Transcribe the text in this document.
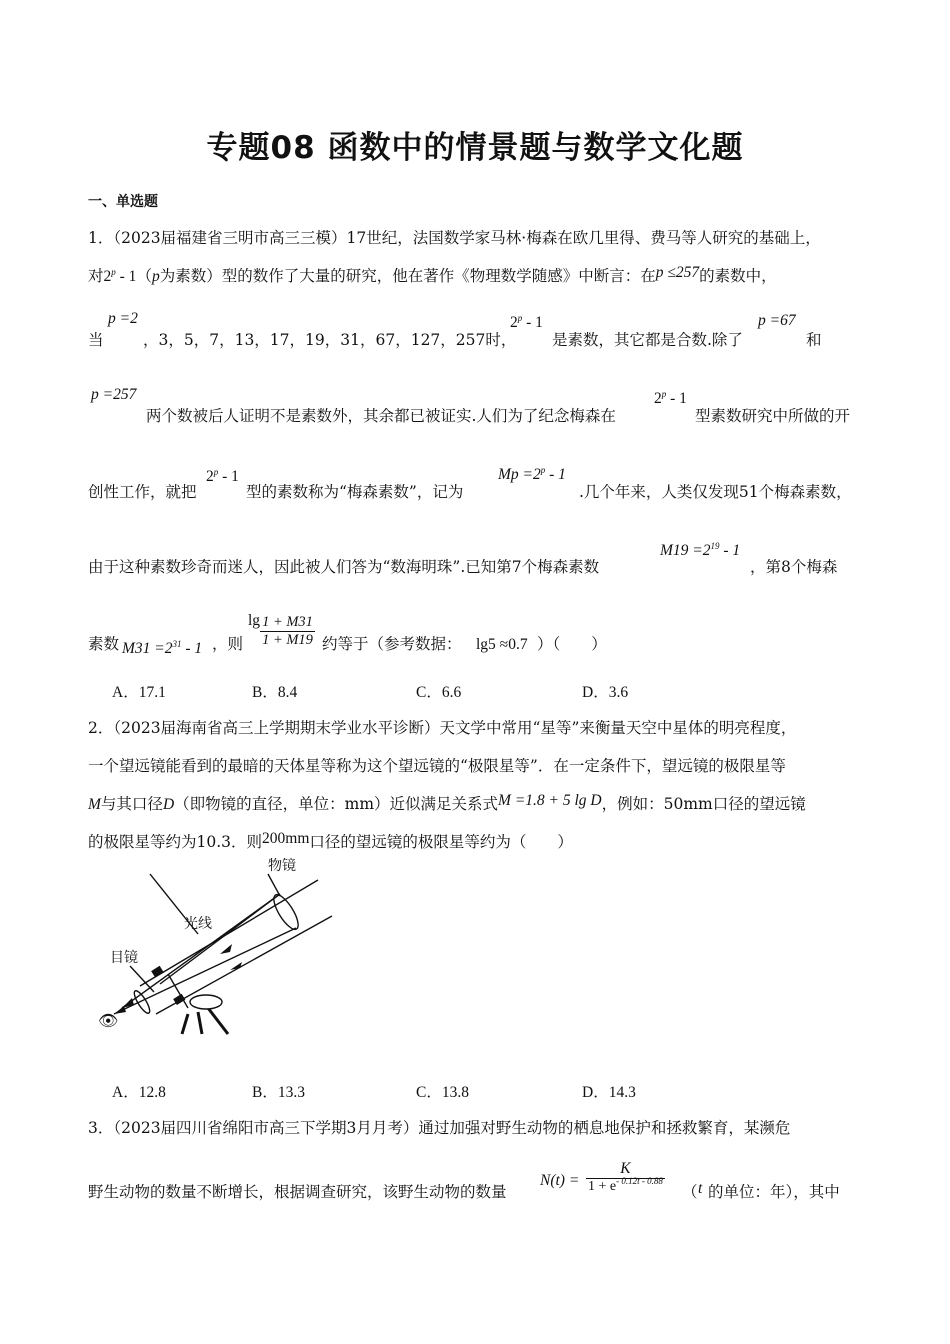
专题08 函数中的情景题与数学文化题
一、单选题
1．（2023届福建省三明市高三三模）17世纪，法国数学家马林·梅森在欧几里得、费马等人研究的基础上，
对2$^p$ - 1（p为素数）型的数作了大量的研究，他在著作《物理数学随感》中断言：在p ≤257的素数中，
当
p =2
，3，5，7，13，17，19，31，67，127，257时，
2$^p$ - 1
是素数，其它都是合数.除了
p =67
和
p =257
两个数被后人证明不是素数外，其余都已被证实.人们为了纪念梅森在
2$^p$ - 1
型素数研究中所做的开
创性工作，就把
2$^p$ - 1
型的素数称为“梅森素数”，记为
$Mp =2^p - 1$
.几个年来，人类仅发现51个梅森素数，
由于这种素数珍奇而迷人，因此被人们答为“数海明珠”.已知第7个梅森素数
$M19 =2^{19} - 1$
，第8个梅森
素数 $M31 =2^{31} - 1$ ，则
$\lg \frac{1 + M31}{1 + M19}$ 约等于（参考数据： lg5 ≈0.7 ）（　　）
A．17.1	B．8.4	C．6.6	D．3.6
2．（2023届海南省高三上学期期末学业水平诊断）天文学中常用“星等”来衡量天空中星体的明亮程度，
一个望远镜能看到的最暗的天体星等称为这个望远镜的“极限星等”．在一定条件下，望远镜的极限星等
M与其口径D（即物镜的直径，单位：mm）近似满足关系式M =1.8 + 5 lg D，例如：50mm口径的望远镜
的极限星等约为10.3．则200mm口径的望远镜的极限星等约为（　　）
👁
物镜
光线
目镜
A．12.8	B．13.3	C．13.8	D．14.3
3．（2023届四川省绵阳市高三下学期3月月考）通过加强对野生动物的栖息地保护和拯救繁育，某濒危
野生动物的数量不断增长，根据调查研究，该野生动物的数量
$N(t) = \frac{K}{1 + e^{- 0.12t - 0.88}}$ （ t 的单位：年），其中
